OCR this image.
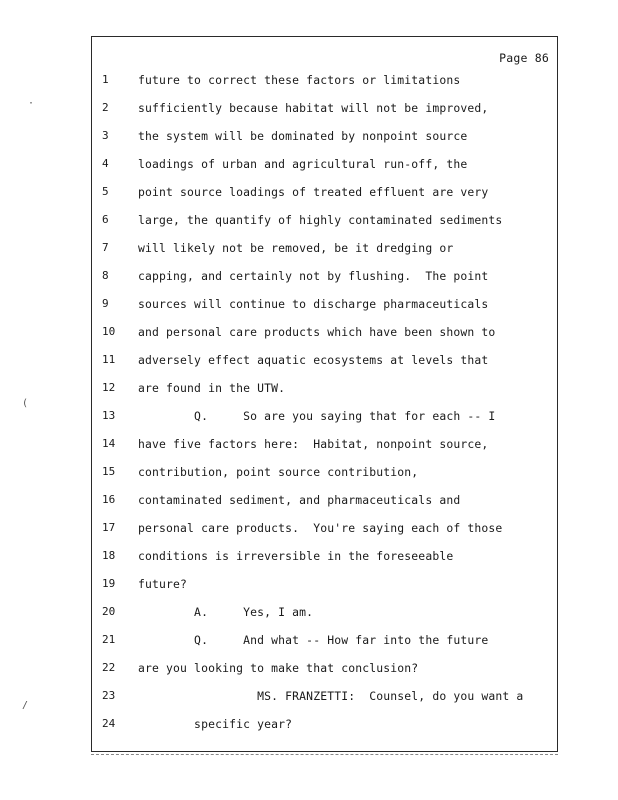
Page 86
1	future to correct these factors or limitations
2	sufficiently because habitat will not be improved,
3	the system will be dominated by nonpoint source
4	loadings of urban and agricultural run-off, the
5	point source loadings of treated effluent are very
6	large, the quantify of highly contaminated sediments
7	will likely not be removed, be it dredging or
8	capping, and certainly not by flushing.  The point
9	sources will continue to discharge pharmaceuticals
10	and personal care products which have been shown to
11	adversely effect aquatic ecosystems at levels that
12	are found in the UTW.
13	Q.     So are you saying that for each -- I
14	have five factors here:  Habitat, nonpoint source,
15	contribution, point source contribution,
16	contaminated sediment, and pharmaceuticals and
17	personal care products.  You're saying each of those
18	conditions is irreversible in the foreseeable
19	future?
20	A.     Yes, I am.
21	Q.     And what -- How far into the future
22	are you looking to make that conclusion?
23	MS. FRANZETTI:  Counsel, do you want a
24	specific year?
·
(
/
